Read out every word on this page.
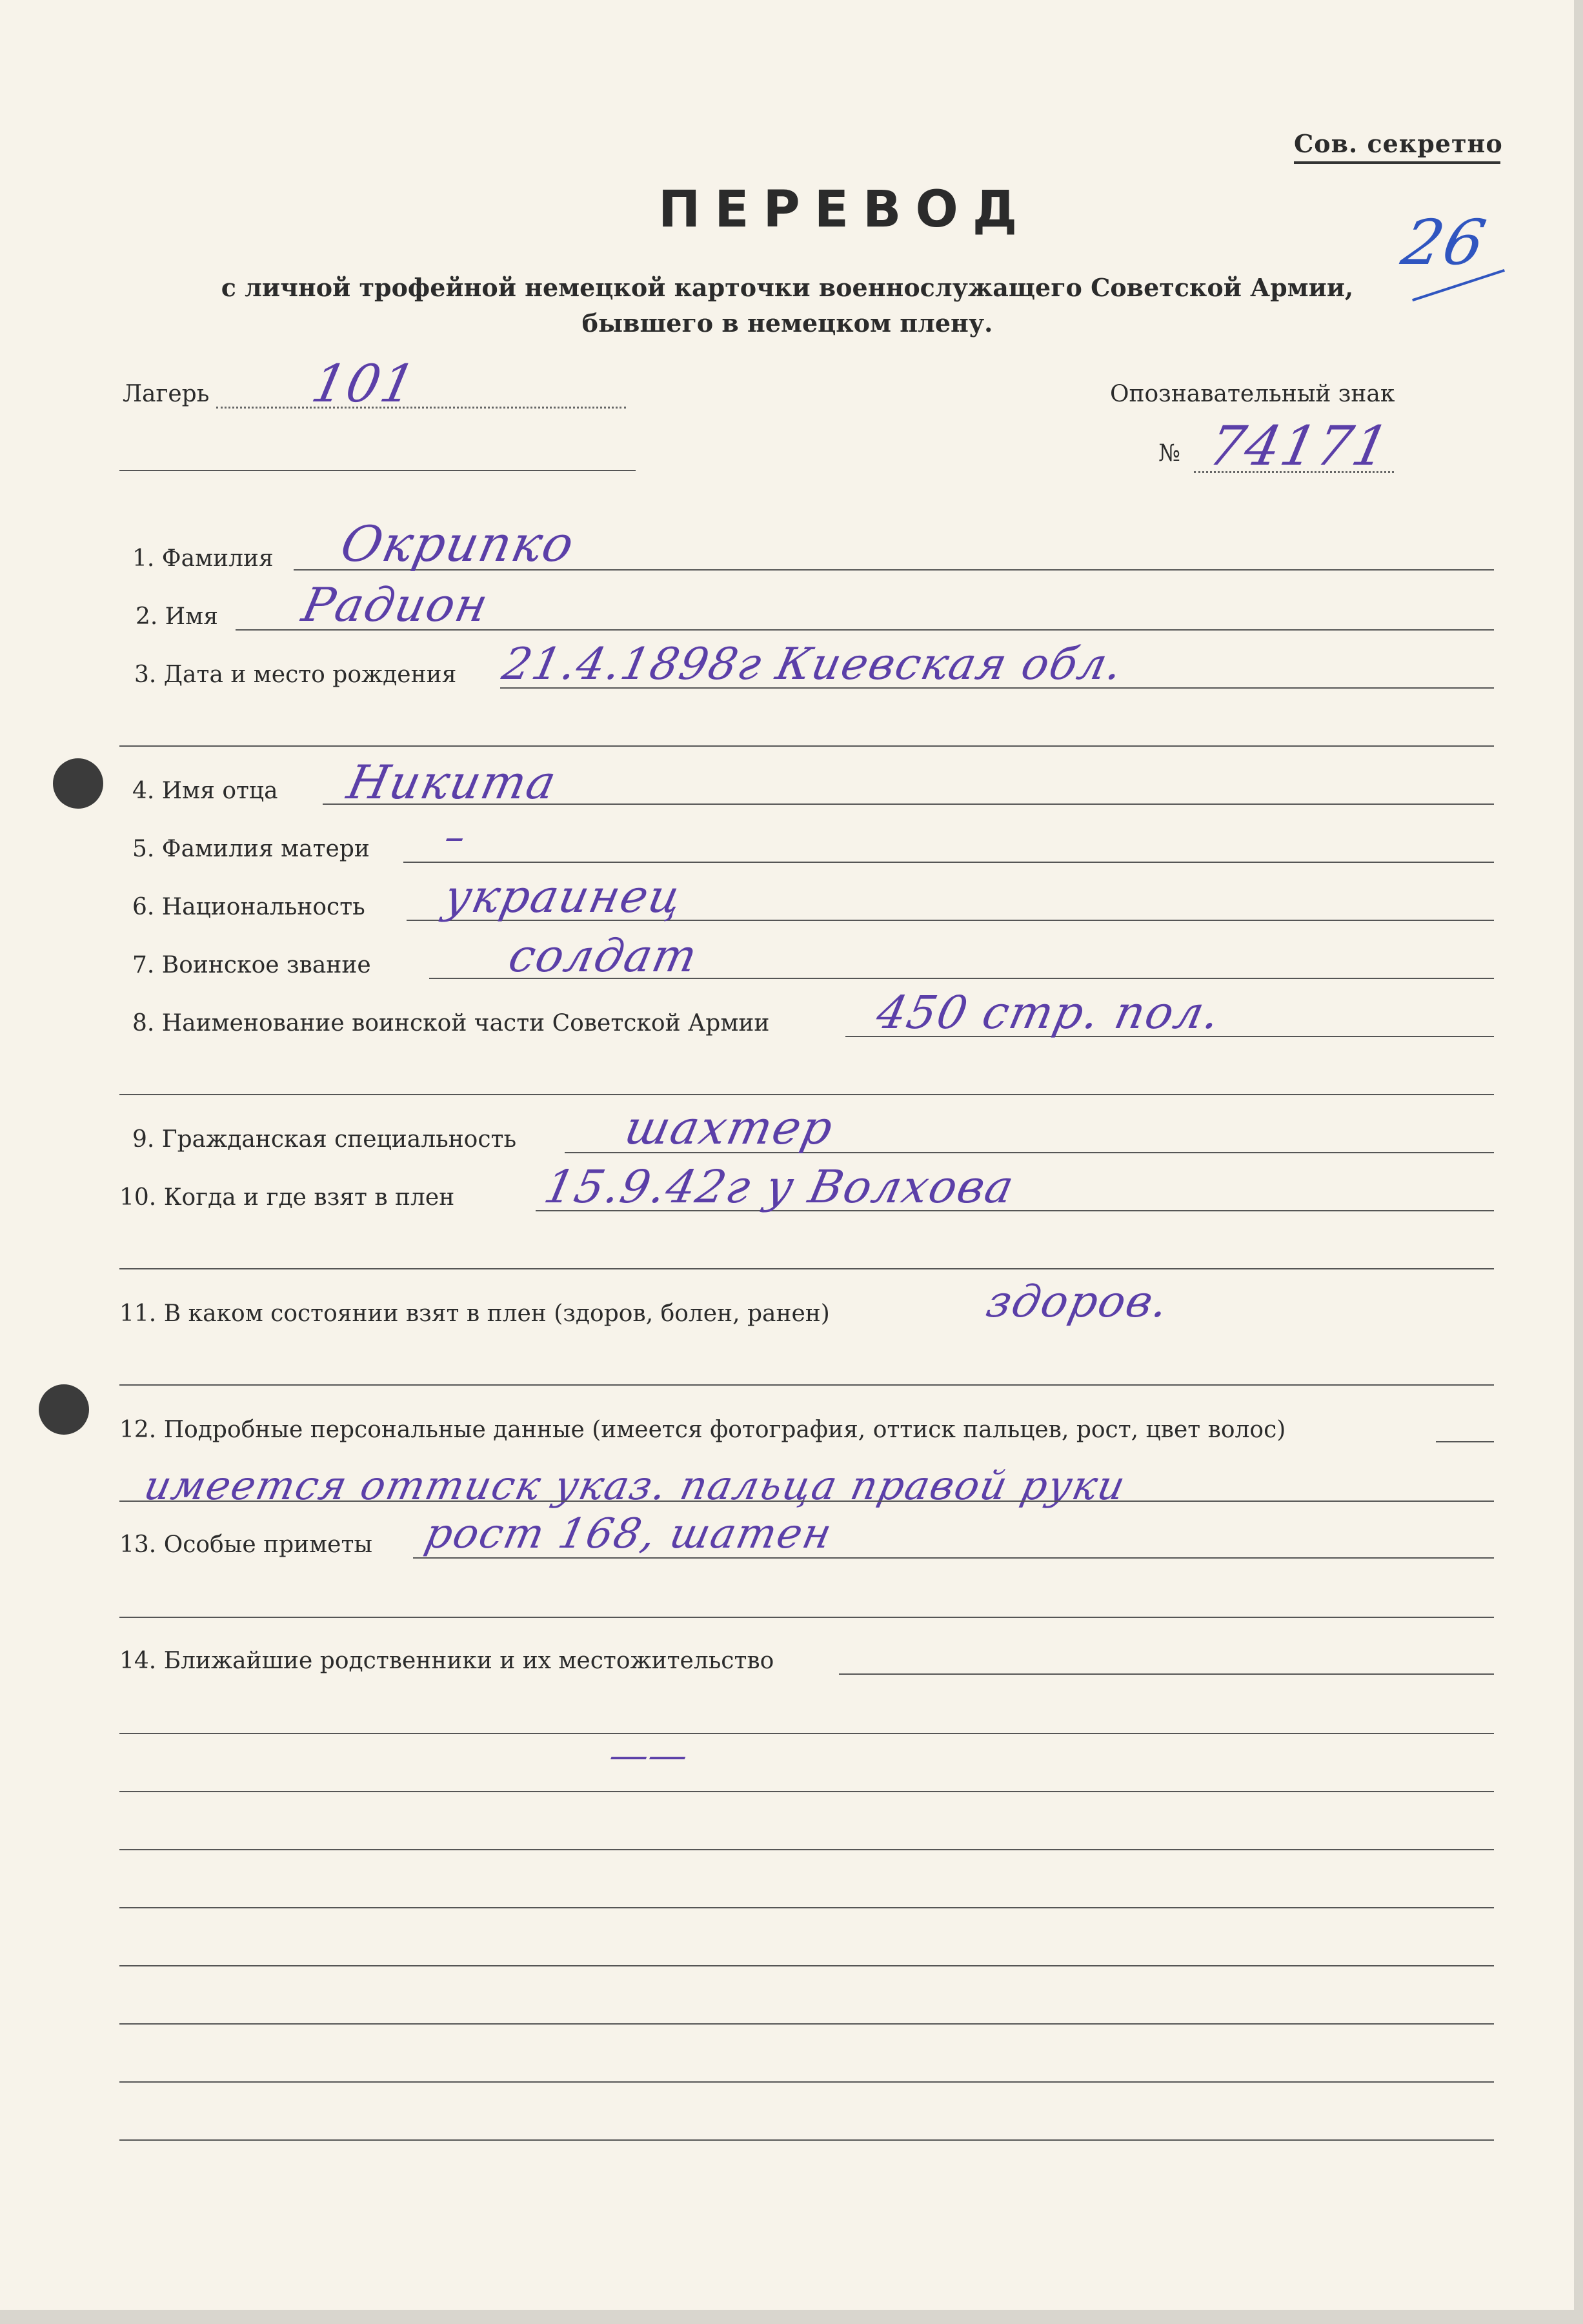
Сов. секретно
26
ПЕРЕВОД
с личной трофейной немецкой карточки военнослужащего Советской Армии,
бывшего в немецком плену.
Лагерь 101	Опознавательный знак
№ 74171
1. Фамилия Окрипко
2. Имя Радион
3. Дата и место рождения 21.4.1898г Киевская обл.
4. Имя отца Никита
5. Фамилия матери –
6. Национальность украинец
7. Воинское звание	солдат
8. Наименование воинской части Советской Армии 450 стр. пол.
9. Гражданская специальность шахтер
10. Когда и где взят в плен 15.9.42г у Волхова
11. В каком состоянии взят в плен (здоров, болен, ранен)	здоров.
12. Подробные персональные данные (имеется фотография, оттиск пальцев, рост, цвет волос)
имеется оттиск указ. пальца правой руки
13. Особые приметы рост 168, шатен
14. Ближайшие родственники и их местожительство
——
